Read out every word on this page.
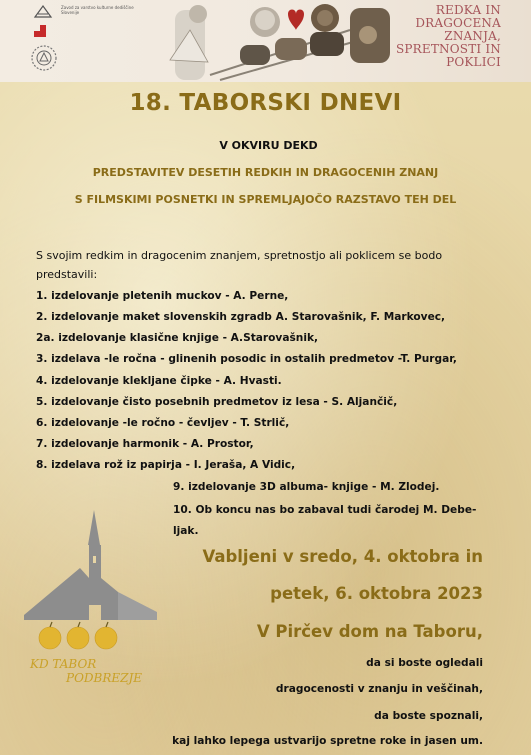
Zavod za varstvo kulturne dediščine Slovenije	REDKA IN
DRAGOCENA
ZNANJA,
SPRETNOSTI IN
POKLICI
18. TABORSKI DNEVI
V OKVIRU DEKD
PREDSTAVITEV DESETIH REDKIH IN DRAGOCENIH ZNANJ
S FILMSKIMI POSNETKI IN SPREMLJAJOČO RAZSTAVO TEH DEL
S svojim redkim in dragocenim znanjem, spretnostjo ali poklicem se bodo predstavili:
1. izdelovanje pletenih muckov - A. Perne,
2. izdelovanje maket slovenskih zgradb A. Starovašnik, F. Markovec,
2a. izdelovanje klasične knjige - A.Starovašnik,
3. izdelava -le ročna - glinenih posodic in ostalih predmetov -T. Purgar,
4. izdelovanje klekljane čipke - A. Hvasti.
5. izdelovanje čisto posebnih predmetov iz lesa - S. Aljančič,
6. izdelovanje -le ročno - čevljev - T. Strlič,
7. izdelovanje harmonik - A. Prostor,
8. izdelava rož iz papirja - I. Jeraša, A Vidic,
9. izdelovanje 3D albuma- knjige - M. Zlodej.
10. Ob koncu nas bo zabaval tudi čarodej M. Debe-ljak.
KD TABOR
PODBREZJE
Vabljeni v sredo, 4. oktobra in
petek, 6. oktobra 2023
V Pirčev dom na Taboru,
da si boste ogledali
dragocenosti v znanju in veščinah,
da boste spoznali,
kaj lahko lepega ustvarijo spretne roke in jasen um.
